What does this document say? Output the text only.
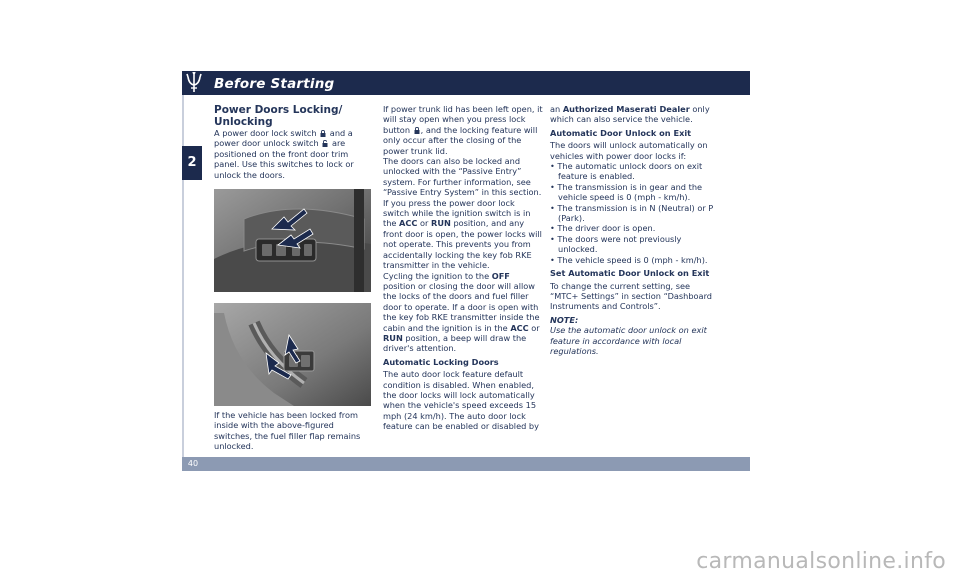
Before Starting
2

Power Doors Locking/ Unlocking

A power door lock switch and a power door unlock switch are positioned on the front door trim panel. Use this switches to lock or unlock the doors.

If the vehicle has been locked from inside with the above-figured switches, the fuel filler flap remains unlocked.

If power trunk lid has been left open, it will stay open when you press lock button , and the locking feature will only occur after the closing of the power trunk lid.

The doors can also be locked and unlocked with the “Passive Entry” system. For further information, see “Passive Entry System” in this section.

If you press the power door lock switch while the ignition switch is in the ACC or RUN position, and any front door is open, the power locks will not operate. This prevents you from accidentally locking the key fob RKE transmitter in the vehicle.

Cycling the ignition to the OFF position or closing the door will allow the locks of the doors and fuel filler door to operate. If a door is open with the key fob RKE transmitter inside the cabin and the ignition is in the ACC or RUN position, a beep will draw the driver's attention.

Automatic Locking Doors

The auto door lock feature default condition is disabled. When enabled, the door locks will lock automatically when the vehicle's speed exceeds 15 mph (24 km/h). The auto door lock feature can be enabled or disabled by

an Authorized Maserati Dealer only which can also service the vehicle.

Automatic Door Unlock on Exit

The doors will unlock automatically on vehicles with power door locks if:

• The automatic unlock doors on exit feature is enabled.

• The transmission is in gear and the vehicle speed is 0 (mph - km/h).

• The transmission is in N (Neutral) or P (Park).

• The driver door is open.

• The doors were not previously unlocked.

• The vehicle speed is 0 (mph - km/h).

Set Automatic Door Unlock on Exit

To change the current setting, see “MTC+ Settings” in section “Dashboard Instruments and Controls”.

NOTE:

Use the automatic door unlock on exit feature in accordance with local regulations.

40
carmanualsonline.info
